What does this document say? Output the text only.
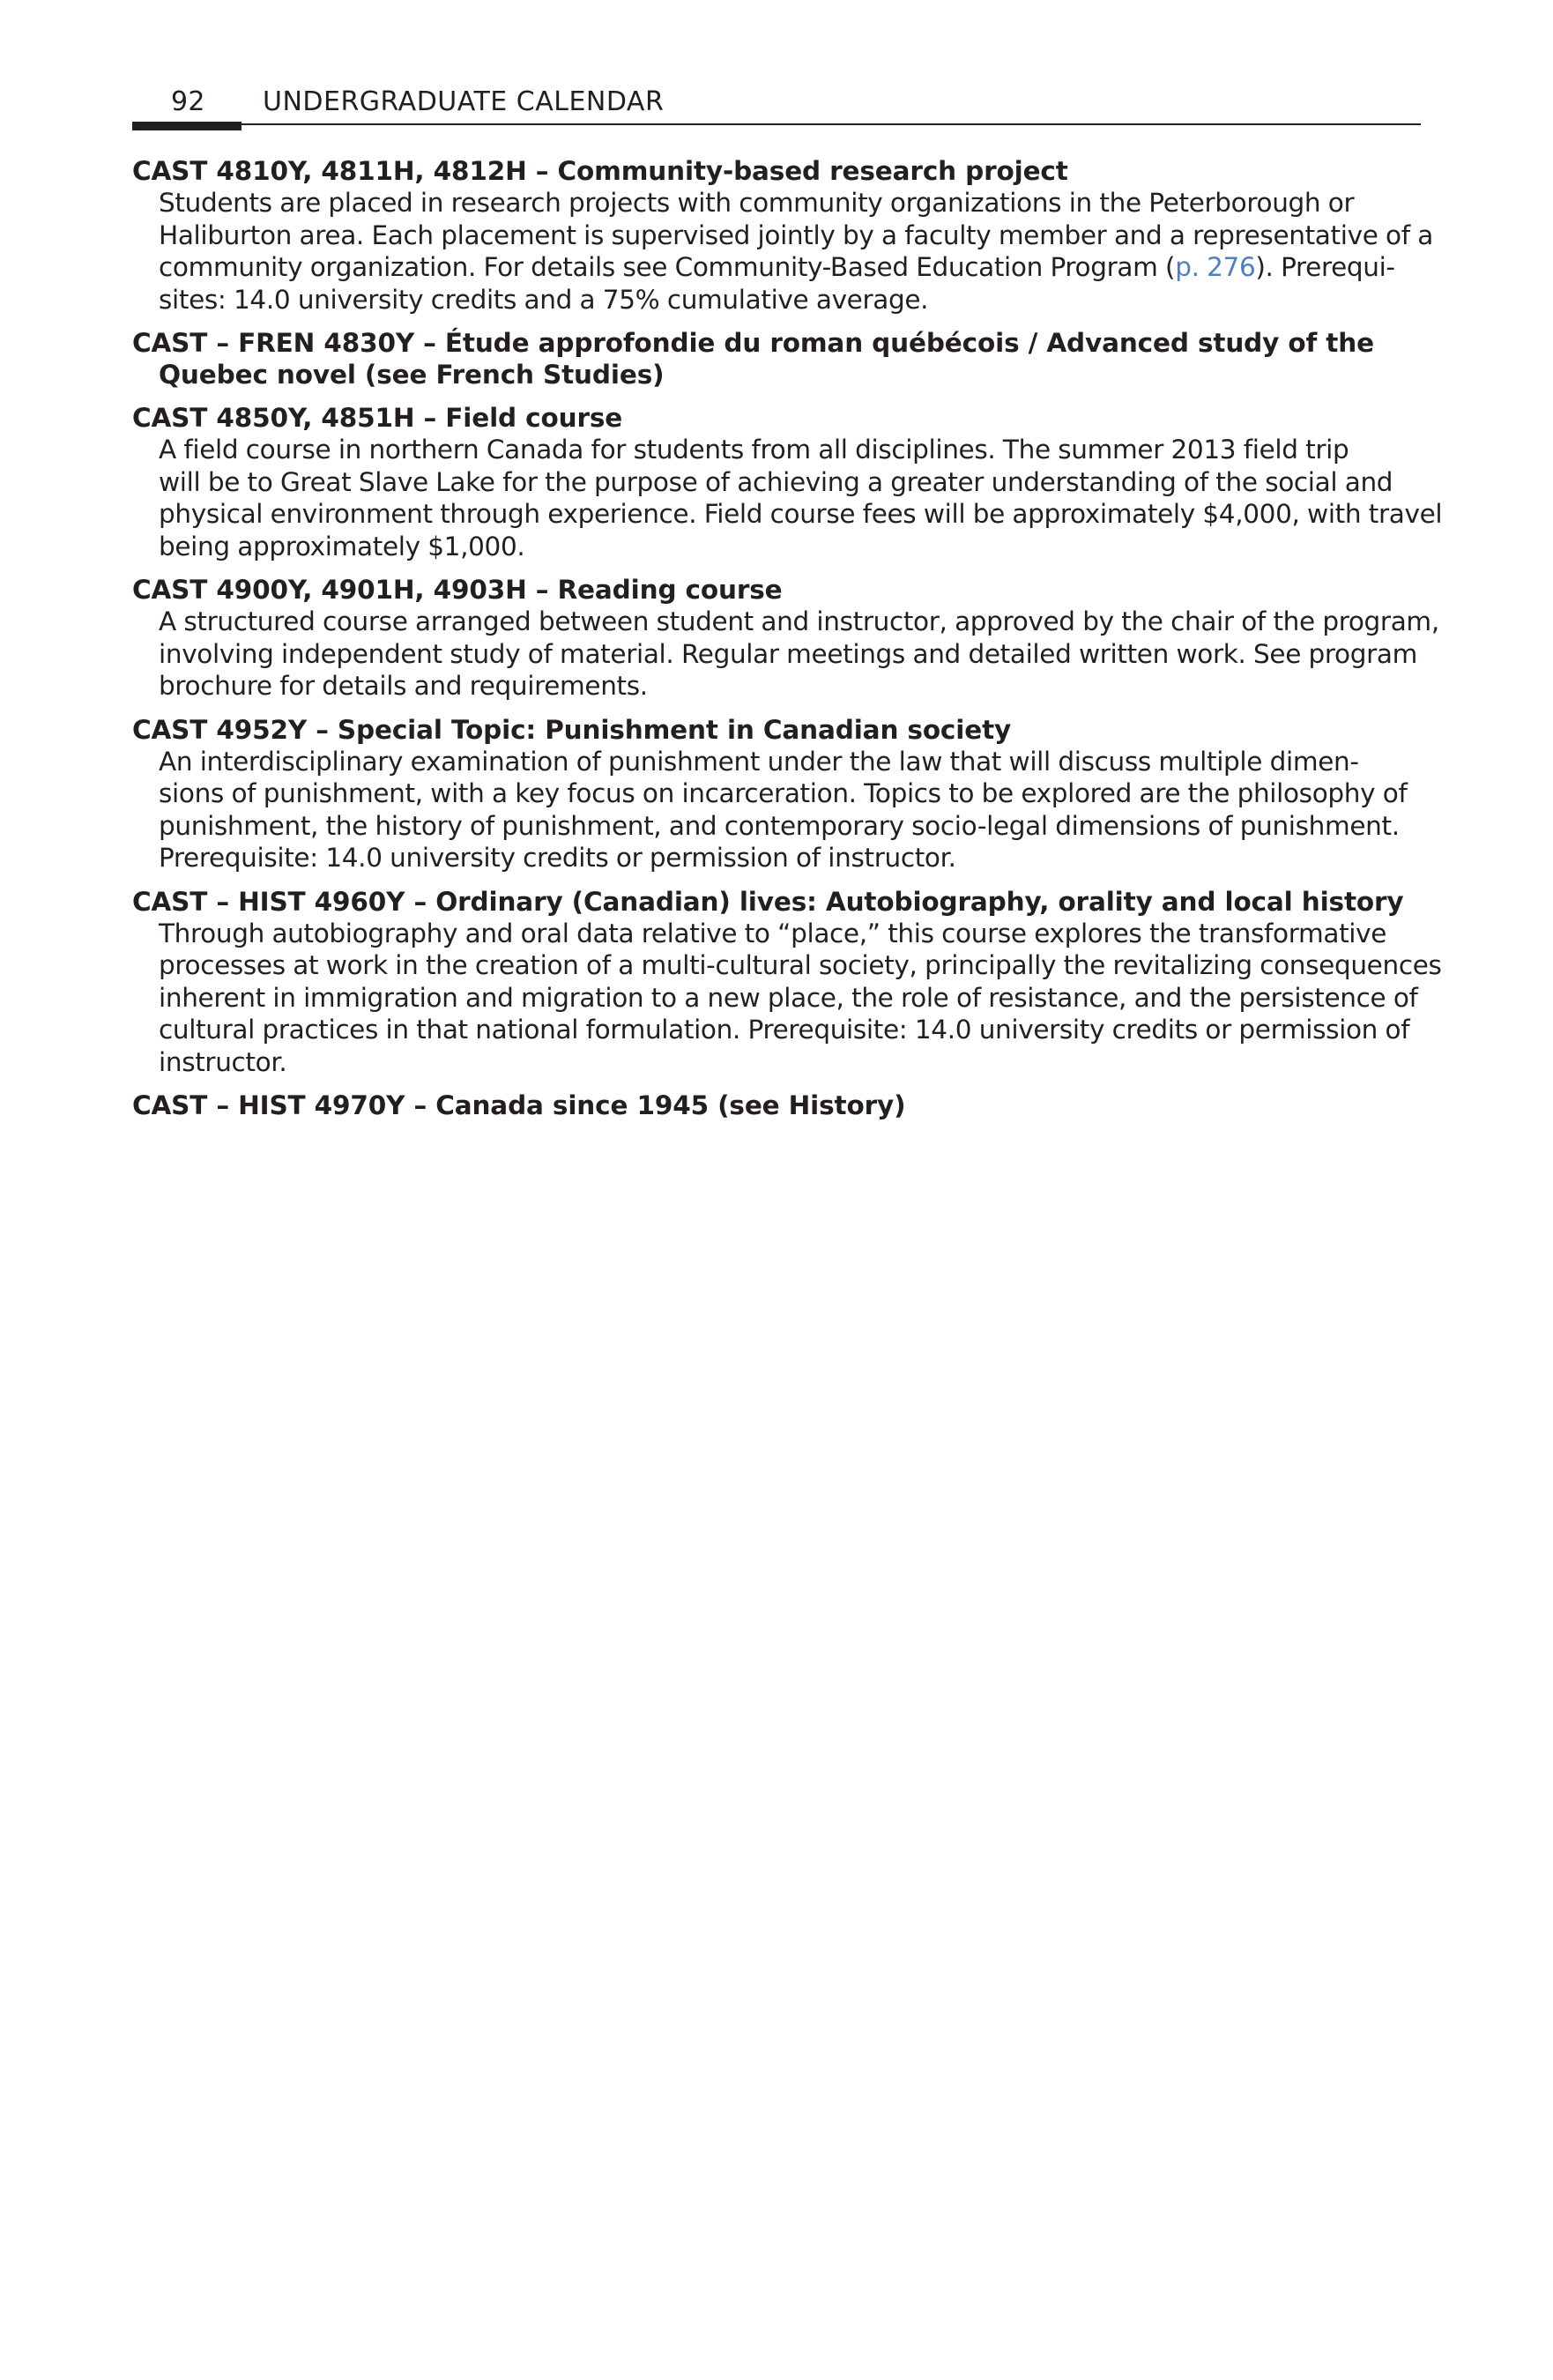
92	UNDERGRADUATE CALENDAR

CAST 4810Y, 4811H, 4812H – Community-based research project

Students are placed in research projects with community organizations in the Peterborough or
Haliburton area. Each placement is supervised jointly by a faculty member and a representative of a
community organization. For details see Community-Based Education Program (p. 276). Prerequi-
sites: 14.0 university credits and a 75% cumulative average.

CAST – FREN 4830Y – Étude approfondie du roman québécois / Advanced study of the Quebec novel (see French Studies)

CAST 4850Y, 4851H – Field course

A field course in northern Canada for students from all disciplines. The summer 2013 field trip
will be to Great Slave Lake for the purpose of achieving a greater understanding of the social and
physical environment through experience. Field course fees will be approximately $4,000, with travel
being approximately $1,000.

CAST 4900Y, 4901H, 4903H – Reading course

A structured course arranged between student and instructor, approved by the chair of the program,
involving independent study of material. Regular meetings and detailed written work. See program
brochure for details and requirements.

CAST 4952Y – Special Topic: Punishment in Canadian society

An interdisciplinary examination of punishment under the law that will discuss multiple dimen-
sions of punishment, with a key focus on incarceration. Topics to be explored are the philosophy of
punishment, the history of punishment, and contemporary socio-legal dimensions of punishment.
Prerequisite: 14.0 university credits or permission of instructor.

CAST – HIST 4960Y – Ordinary (Canadian) lives: Autobiography, orality and local history

Through autobiography and oral data relative to “place,” this course explores the transformative
processes at work in the creation of a multi-cultural society, principally the revitalizing consequences
inherent in immigration and migration to a new place, the role of resistance, and the persistence of
cultural practices in that national formulation. Prerequisite: 14.0 university credits or permission of
instructor.

CAST – HIST 4970Y – Canada since 1945 (see History)
